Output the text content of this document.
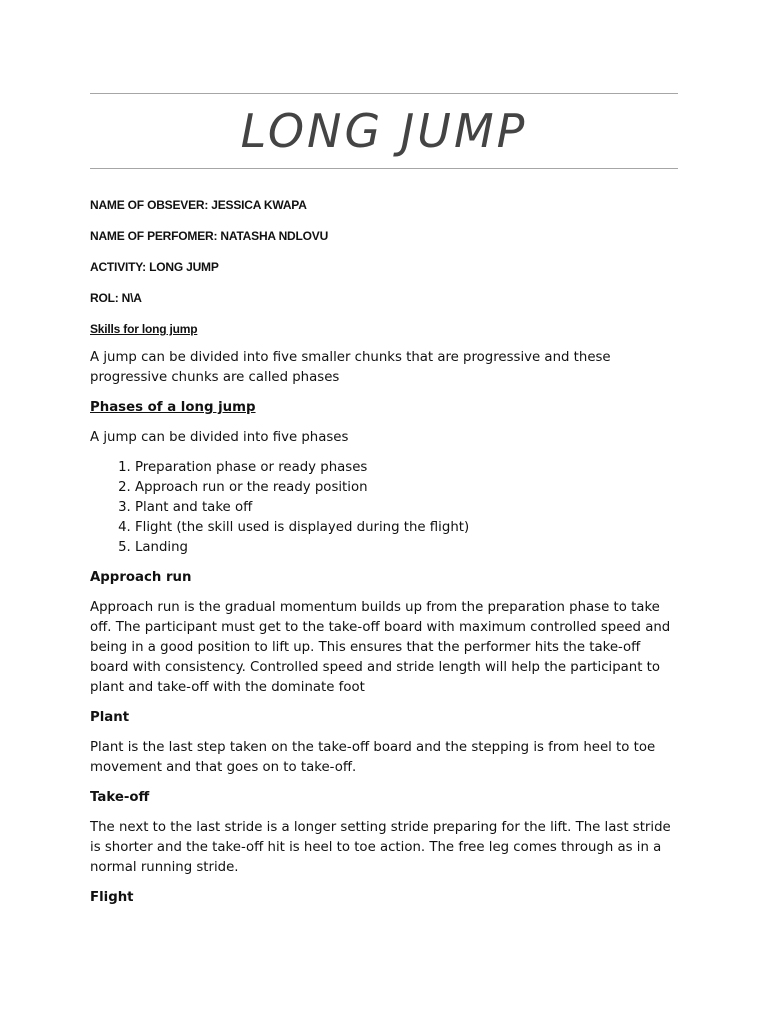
LONG JUMP

NAME OF OBSEVER: JESSICA KWAPA

NAME OF PERFOMER: NATASHA NDLOVU

ACTIVITY: LONG JUMP

ROL: N\A

Skills for long jump

A jump can be divided into five smaller chunks that are progressive and these progressive chunks are called phases

Phases of a long jump

A jump can be divided into five phases

1. Preparation phase or ready phases
2. Approach run or the ready position
3. Plant and take off
4. Flight (the skill used is displayed during the flight)
5. Landing
Approach run

Approach run is the gradual momentum builds up from the preparation phase to take off. The participant must get to the take-off board with maximum controlled speed and being in a good position to lift up. This ensures that the performer hits the take-off board with consistency. Controlled speed and stride length will help the participant to plant and take-off with the dominate foot

Plant

Plant is the last step taken on the take-off board and the stepping is from heel to toe movement and that goes on to take-off.

Take-off

The next to the last stride is a longer setting stride preparing for the lift. The last stride is shorter and the take-off hit is heel to toe action. The free leg comes through as in a normal running stride.

Flight
